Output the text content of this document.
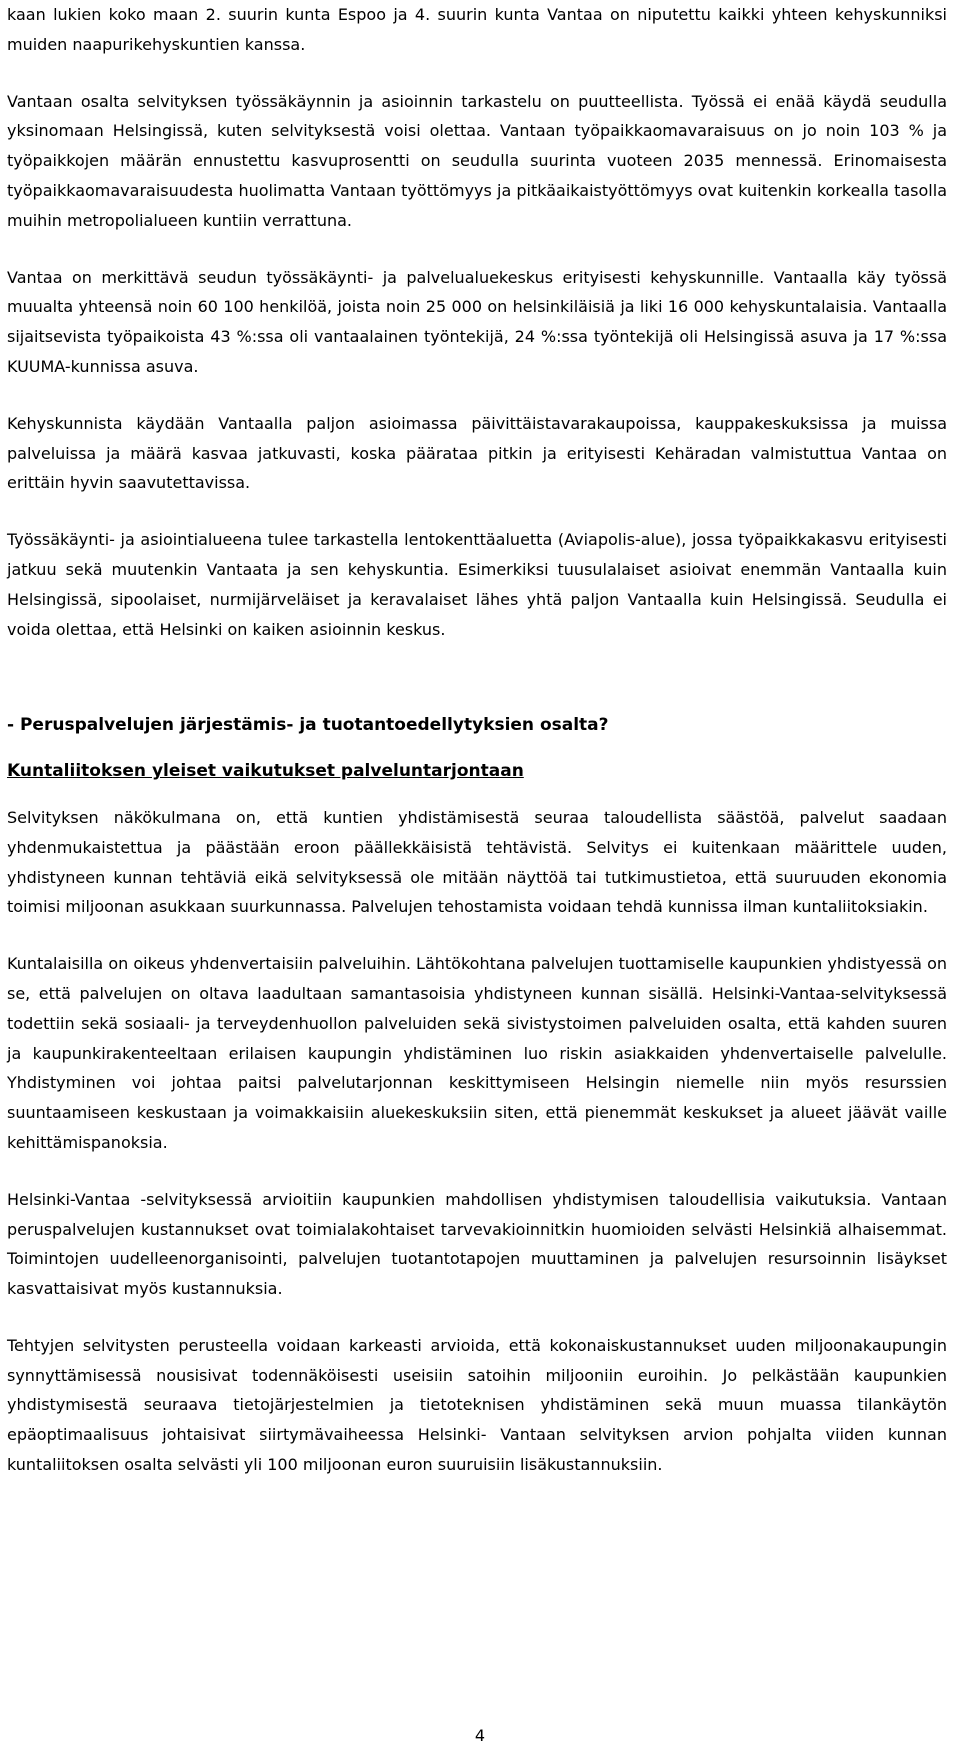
kaan lukien koko maan 2. suurin kunta Espoo ja 4. suurin kunta Vantaa on niputettu kaikki yhteen kehyskunniksi muiden naapurikehyskuntien kanssa.

Vantaan osalta selvityksen työssäkäynnin ja asioinnin tarkastelu on puutteellista. Työssä ei enää käydä seudulla yksinomaan Helsingissä, kuten selvityksestä voisi olettaa. Vantaan työpaikkaomavaraisuus on jo noin 103 % ja työpaikkojen määrän ennustettu kasvuprosentti on seudulla suurinta vuoteen 2035 mennessä. Erinomaisesta työpaikkaomavaraisuudesta huolimatta Vantaan työttömyys ja pitkäaikaistyöttömyys ovat kuitenkin korkealla tasolla muihin metropolialueen kuntiin verrattuna.

Vantaa on merkittävä seudun työssäkäynti- ja palvelualuekeskus erityisesti kehyskunnille. Vantaalla käy työssä muualta yhteensä noin 60 100 henkilöä, joista noin 25 000 on helsinkiläisiä ja liki 16 000 kehyskuntalaisia. Vantaalla sijaitsevista työpaikoista 43 %:ssa oli vantaalainen työntekijä, 24 %:ssa työntekijä oli Helsingissä asuva ja 17 %:ssa KUUMA-kunnissa asuva.

Kehyskunnista käydään Vantaalla paljon asioimassa päivittäistavarakaupoissa, kauppakeskuksissa ja muissa palveluissa ja määrä kasvaa jatkuvasti, koska päärataa pitkin ja erityisesti Kehäradan valmistuttua Vantaa on erittäin hyvin saavutettavissa.

Työssäkäynti- ja asiointialueena tulee tarkastella lentokenttäaluetta (Aviapolis-alue), jossa työpaikkakasvu erityisesti jatkuu sekä muutenkin Vantaata ja sen kehyskuntia. Esimerkiksi tuusulalaiset asioivat enemmän Vantaalla kuin Helsingissä, sipoolaiset, nurmijärveläiset ja keravalaiset lähes yhtä paljon Vantaalla kuin Helsingissä. Seudulla ei voida olettaa, että Helsinki on kaiken asioinnin keskus.

- Peruspalvelujen järjestämis- ja tuotantoedellytyksien osalta?
Kuntaliitoksen yleiset vaikutukset palveluntarjontaan

Selvityksen näkökulmana on, että kuntien yhdistämisestä seuraa taloudellista säästöä, palvelut saadaan yhdenmukaistettua ja päästään eroon päällekkäisistä tehtävistä. Selvitys ei kuitenkaan määrittele uuden, yhdistyneen kunnan tehtäviä eikä selvityksessä ole mitään näyttöä tai tutkimustietoa, että suuruuden ekonomia toimisi miljoonan asukkaan suurkunnassa. Palvelujen tehostamista voidaan tehdä kunnissa ilman kuntaliitoksiakin.

Kuntalaisilla on oikeus yhdenvertaisiin palveluihin. Lähtökohtana palvelujen tuottamiselle kaupunkien yhdistyessä on se, että palvelujen on oltava laadultaan samantasoisia yhdistyneen kunnan sisällä. Helsinki-Vantaa-selvityksessä todettiin sekä sosiaali- ja terveydenhuollon palveluiden sekä sivistystoimen palveluiden osalta, että kahden suuren ja kaupunkirakenteeltaan erilaisen kaupungin yhdistäminen luo riskin asiakkaiden yhdenvertaiselle palvelulle. Yhdistyminen voi johtaa paitsi palvelutarjonnan keskittymiseen Helsingin niemelle niin myös resurssien suuntaamiseen keskustaan ja voimakkaisiin aluekeskuksiin siten, että pienemmät keskukset ja alueet jäävät vaille kehittämispanoksia.

Helsinki-Vantaa -selvityksessä arvioitiin kaupunkien mahdollisen yhdistymisen taloudellisia vaikutuksia. Vantaan peruspalvelujen kustannukset ovat toimialakohtaiset tarvevakioinnitkin huomioiden selvästi Helsinkiä alhaisemmat. Toimintojen uudelleenorganisointi, palvelujen tuotantotapojen muuttaminen ja palvelujen resursoinnin lisäykset kasvattaisivat myös kustannuksia.

Tehtyjen selvitysten perusteella voidaan karkeasti arvioida, että kokonaiskustannukset uuden miljoonakaupungin synnyttämisessä nousisivat todennäköisesti useisiin satoihin miljooniin euroihin. Jo pelkästään kaupunkien yhdistymisestä seuraava tietojärjestelmien ja tietoteknisen yhdistäminen sekä muun muassa tilankäytön epäoptimaalisuus johtaisivat siirtymävaiheessa Helsinki- Vantaan selvityksen arvion pohjalta viiden kunnan kuntaliitoksen osalta selvästi yli 100 miljoonan euron suuruisiin lisäkustannuksiin.

4
